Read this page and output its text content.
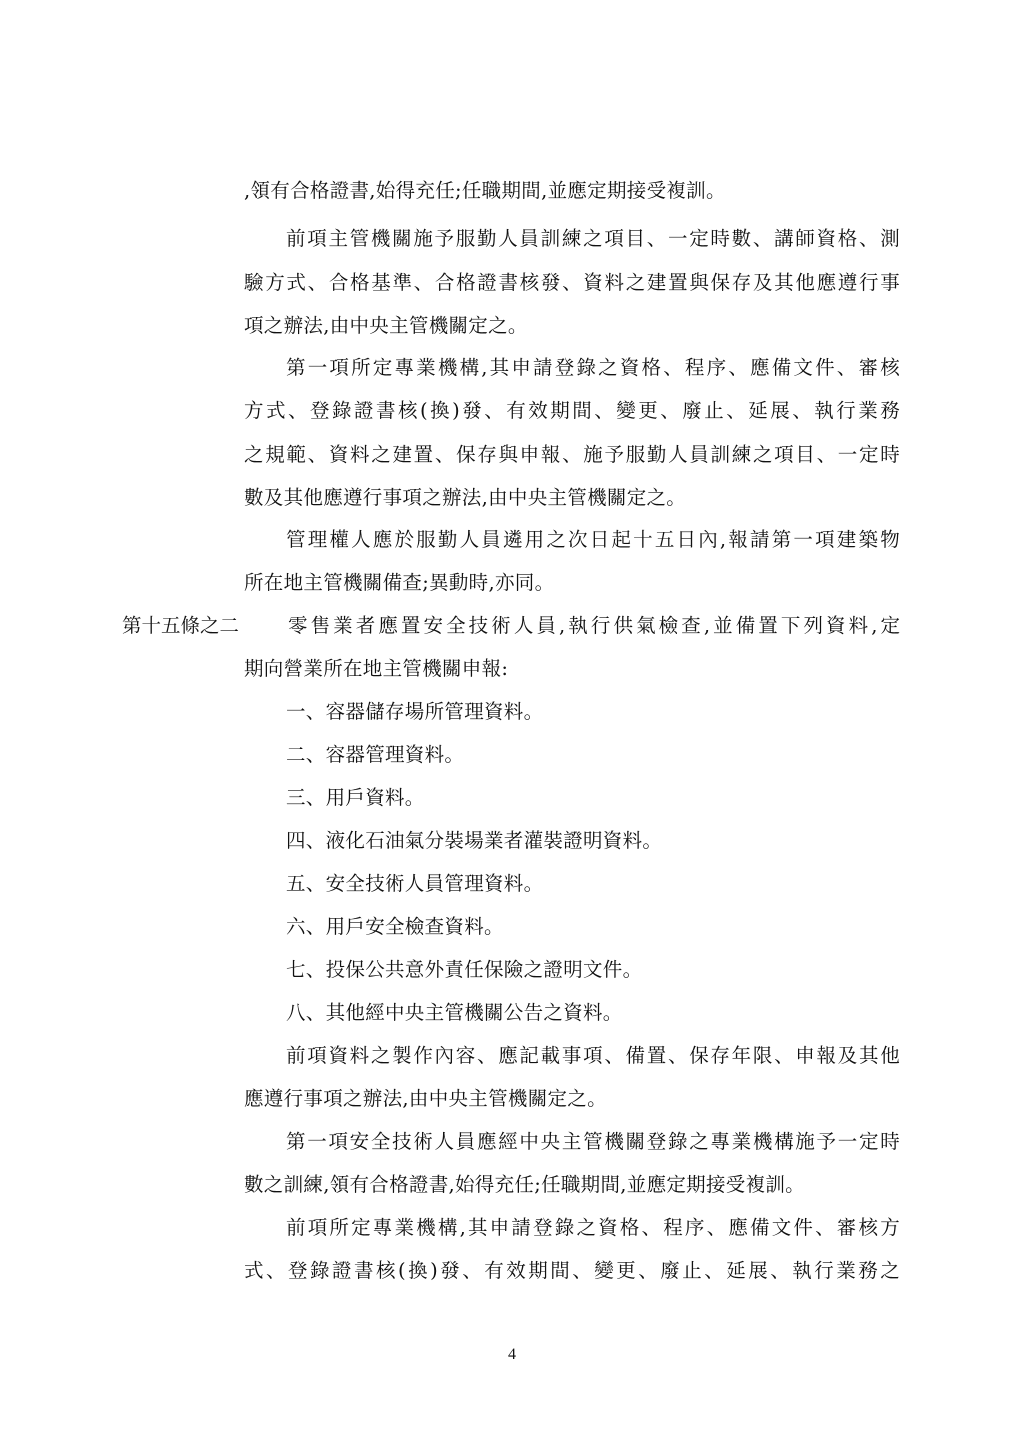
,領有合格證書,始得充任;任職期間,並應定期接受複訓。
前項主管機關施予服勤人員訓練之項目、一定時數、講師資格、測
驗方式、合格基準、合格證書核發、資料之建置與保存及其他應遵行事
項之辦法,由中央主管機關定之。
第一項所定專業機構,其申請登錄之資格、程序、應備文件、審核
方式、登錄證書核(換)發、有效期間、變更、廢止、延展、執行業務
之規範、資料之建置、保存與申報、施予服勤人員訓練之項目、一定時
數及其他應遵行事項之辦法,由中央主管機關定之。
管理權人應於服勤人員遴用之次日起十五日內,報請第一項建築物
所在地主管機關備查;異動時,亦同。
第十五條之二	零售業者應置安全技術人員,執行供氣檢查,並備置下列資料,定
期向營業所在地主管機關申報:
一、容器儲存場所管理資料。
二、容器管理資料。
三、用戶資料。
四、液化石油氣分裝場業者灌裝證明資料。
五、安全技術人員管理資料。
六、用戶安全檢查資料。
七、投保公共意外責任保險之證明文件。
八、其他經中央主管機關公告之資料。
前項資料之製作內容、應記載事項、備置、保存年限、申報及其他
應遵行事項之辦法,由中央主管機關定之。
第一項安全技術人員應經中央主管機關登錄之專業機構施予一定時
數之訓練,領有合格證書,始得充任;任職期間,並應定期接受複訓。
前項所定專業機構,其申請登錄之資格、程序、應備文件、審核方
式、登錄證書核(換)發、有效期間、變更、廢止、延展、執行業務之
4
